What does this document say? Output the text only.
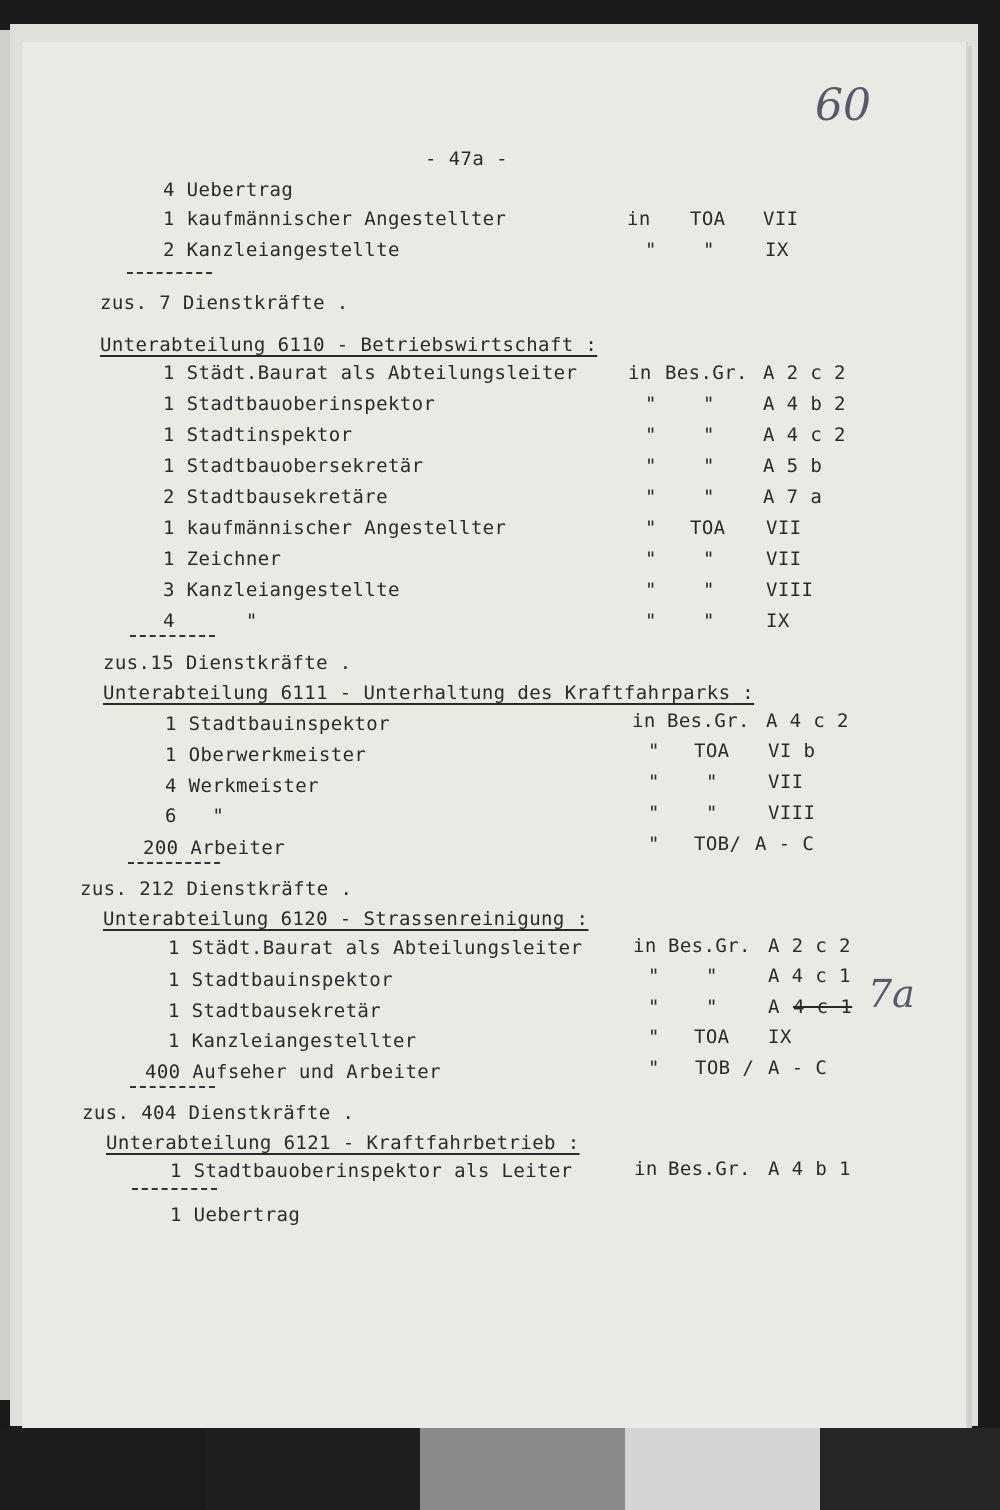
60
- 47a -
4 Uebertrag
1 kaufmännischer Angestellter	in TOA VII
2 Kanzleiangestellte	" "	IX
zus. 7 Dienstkräfte .
Unterabteilung 6110 - Betriebswirtschaft :
1 Städt.Baurat als Abteilungsleiter	in Bes.Gr. A 2 c 2
1 Stadtbauoberinspektor	" "	A 4 b 2
1 Stadtinspektor	" "	A 4 c 2
1 Stadtbauobersekretär	" "	A 5 b
2 Stadtbausekretäre	" "	A 7 a
1 kaufmännischer Angestellter	" TOA VII
1 Zeichner	" "	VII
3 Kanzleiangestellte	" "	VIII
4      "	" "	IX
zus.15 Dienstkräfte .
Unterabteilung 6111 - Unterhaltung des Kraftfahrparks :
1 Stadtbauinspektor	in Bes.Gr. A 4 c 2
1 Oberwerkmeister	" TOA VI b
4 Werkmeister	" "	VII
6   "	" "	VIII
200 Arbeiter	" TOB/ A - C
zus. 212 Dienstkräfte .
Unterabteilung 6120 - Strassenreinigung :
1 Städt.Baurat als Abteilungsleiter	in Bes.Gr. A 2 c 2
1 Stadtbauinspektor	" "	A 4 c 1
1 Stadtbausekretär	" "	A 4 c 1 7a
1 Kanzleiangestellter	" TOA IX
400 Aufseher und Arbeiter	" TOB / A - C
zus. 404 Dienstkräfte .
Unterabteilung 6121 - Kraftfahrbetrieb :
1 Stadtbauoberinspektor als Leiter	in Bes.Gr. A 4 b 1
1 Uebertrag
